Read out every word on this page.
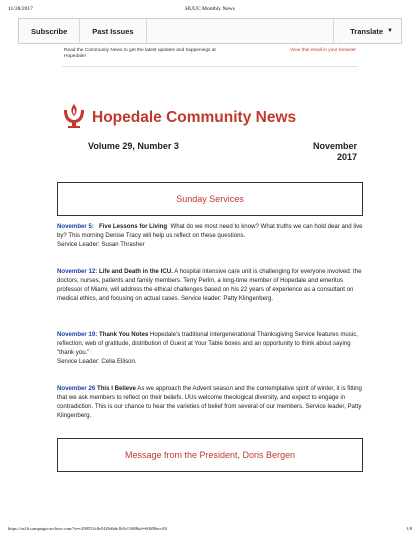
11/28/2017	HUUC Monthly News
Subscribe	Past Issues	Translate ▼
Read the Community News to get the latest updates and happenings at Hopedale!
View this email in your browser
Hopedale Community News
Volume 29, Number 3	November
2017
Sunday Services
November 5: Five Lessons for Living What do we most need to know? What truths we can hold dear and live by? This morning Denise Tracy will help us reflect on these questions.
Service Leader: Susan Thrasher
November 12: Life and Death in the ICU. A hospital intensive care unit is challenging for everyone involved: the doctors, nurses, patients and family members. Terry Perlin, a long-time member of Hopedale and emeritus professor of Miami, will address the ethical challenges based on his 22 years of experience as a consultant on medical ethics, and focusing on actual cases. Service leader: Patty Klingenberg.
November 19: Thank You Notes Hopedale's traditional intergenerational Thanksgiving Service features music, reflection, web of gratitude, distribution of Guest at Your Table boxes and an opportunity to think about saying "thank you."
Service Leader: Celia Ellison.
November 26 This I Believe As we approach the Advent season and the contemplative spirit of winter, it is fitting that we ask members to reflect on their beliefs. UUs welcome theological diversity, and expect to engage in contradiction. This is our chance to hear the varieties of belief from several of our members. Service leader, Patty Klingenberg.
Message from the President, Doris Bergen
https://us16.campaign-archive.com/?u=c290552c8e54f5d6de1b9c1168&id=60658ecc84	1/8
